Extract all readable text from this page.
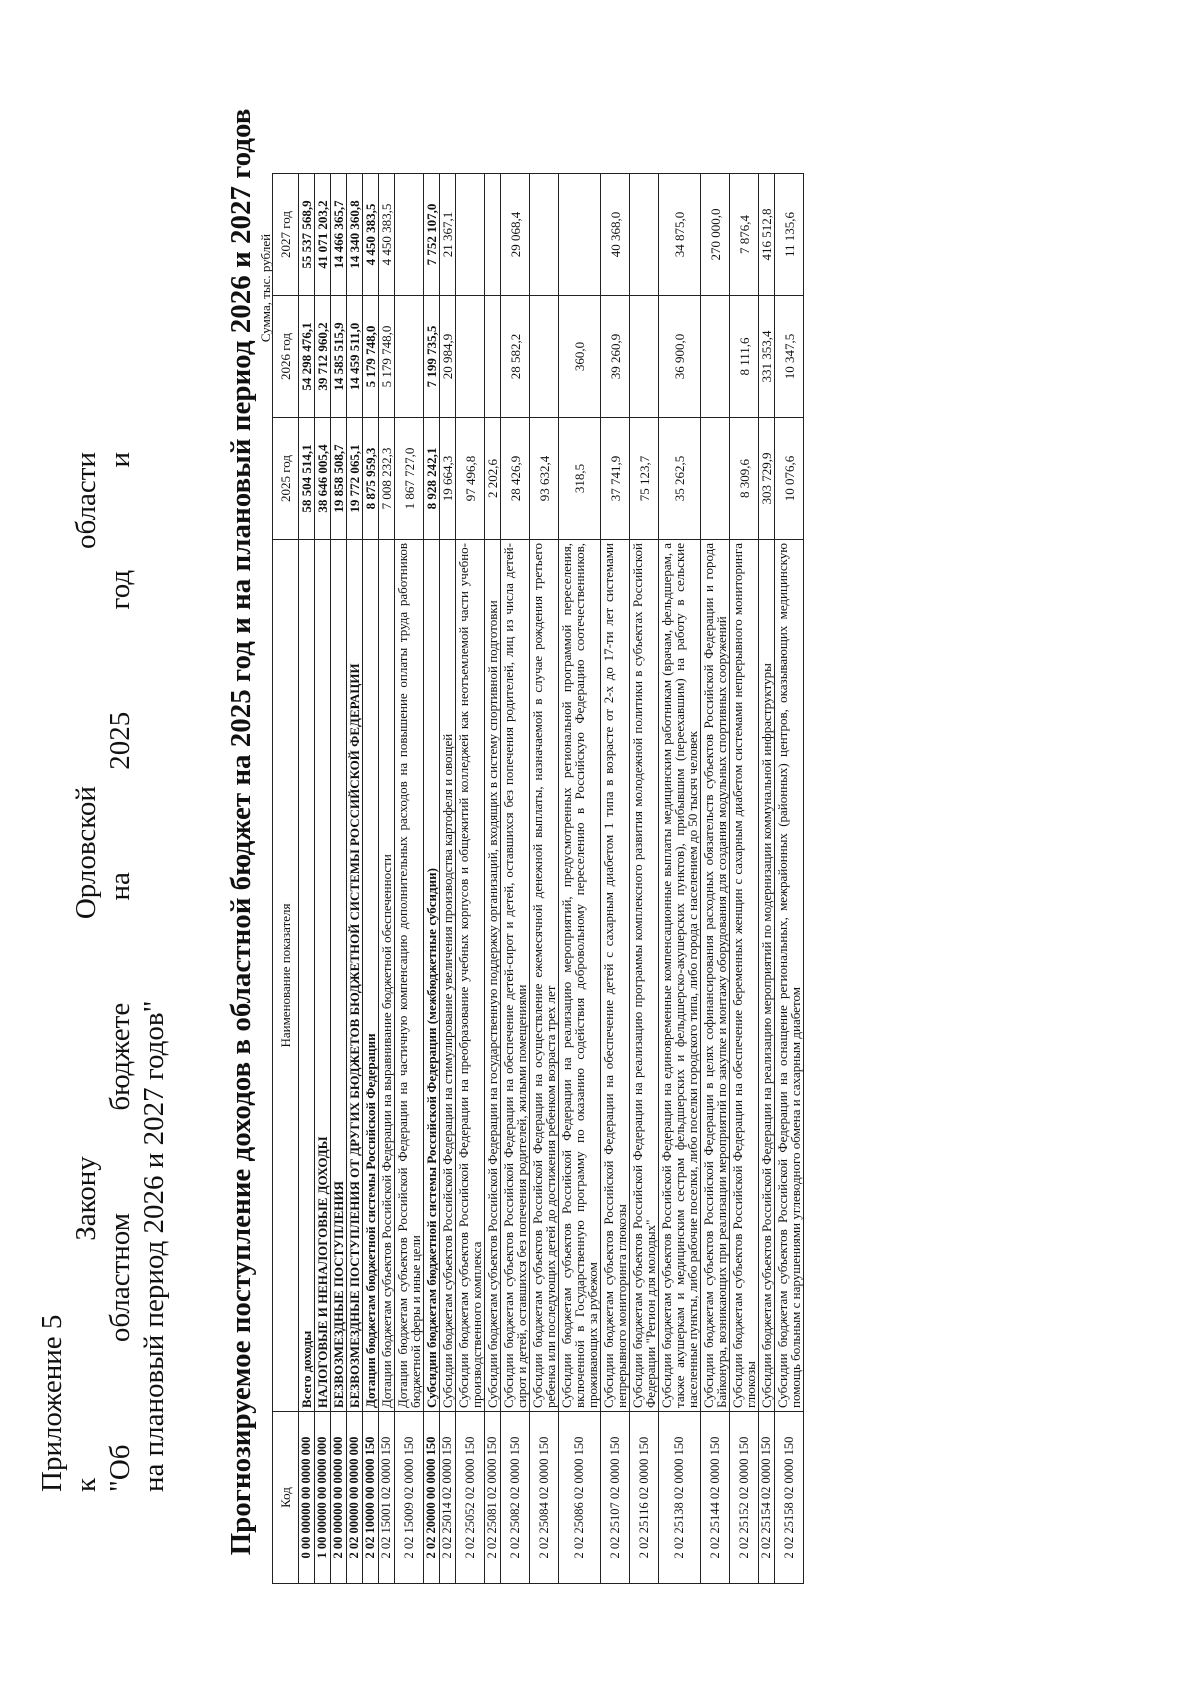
Приложение 5 к
Закону
Орловской
области
"Об
областном
бюджете
на
2025
год
и
на плановый период 2026 и 2027 годов" Прогнозируемое поступление доходов в областной бюджет на 2025 год и на плановый период 2026 и 2027 годов Сумма, тыс. рублей
Код	Наименование показателя	2025 год	2026 год	2027 год
0 00 00000 00 0000 000	Всего доходы	58 504 514,1	54 298 476,1	55 537 568,9
1 00 00000 00 0000 000	НАЛОГОВЫЕ И НЕНАЛОГОВЫЕ ДОХОДЫ	38 646 005,4	39 712 960,2	41 071 203,2
2 00 00000 00 0000 000	БЕЗВОЗМЕЗДНЫЕ ПОСТУПЛЕНИЯ	19 858 508,7	14 585 515,9	14 466 365,7
2 02 00000 00 0000 000	БЕЗВОЗМЕЗДНЫЕ ПОСТУПЛЕНИЯ ОТ ДРУГИХ БЮДЖЕТОВ БЮДЖЕТНОЙ СИСТЕМЫ РОССИЙСКОЙ ФЕДЕРАЦИИ	19 772 065,1	14 459 511,0	14 340 360,8
2 02 10000 00 0000 150	Дотации бюджетам бюджетной системы Российской Федерации	8 875 959,3	5 179 748,0	4 450 383,5
2 02 15001 02 0000 150	Дотации бюджетам субъектов Российской Федерации на выравнивание бюджетной обеспеченности	7 008 232,3	5 179 748,0	4 450 383,5
2 02 15009 02 0000 150	Дотации бюджетам субъектов Российской Федерации на частичную компенсацию дополнительных расходов на повышение оплаты труда работников бюджетной сферы и иные цели	1 867 727,0		
2 02 20000 00 0000 150	Субсидии бюджетам бюджетной системы Российской Федерации (межбюджетные субсидии)	8 928 242,1	7 199 735,5	7 752 107,0
2 02 25014 02 0000 150	Субсидии бюджетам субъектов Российской Федерации на стимулирование увеличения производства картофеля и овощей	19 664,3	20 984,9	21 367,1
2 02 25052 02 0000 150	Субсидии бюджетам субъектов Российской Федерации на преобразование учебных корпусов и общежитий колледжей как неотъемлемой части учебно-производственного комплекса	97 496,8		
2 02 25081 02 0000 150	Субсидии бюджетам субъектов Российской Федерации на государственную поддержку организаций, входящих в систему спортивной подготовки	2 202,6		
2 02 25082 02 0000 150	Субсидии бюджетам субъектов Российской Федерации на обеспечение детей-сирот и детей, оставшихся без попечения родителей, лиц из числа детей-сирот и детей, оставшихся без попечения родителей, жилыми помещениями	28 426,9	28 582,2	29 068,4
2 02 25084 02 0000 150	Субсидии бюджетам субъектов Российской Федерации на осуществление ежемесячной денежной выплаты, назначаемой в случае рождения третьего ребенка или последующих детей до достижения ребенком возраста трех лет	93 632,4		
2 02 25086 02 0000 150	Субсидии бюджетам субъектов Российской Федерации на реализацию мероприятий, предусмотренных региональной программой переселения, включенной в Государственную программу по оказанию содействия добровольному переселению в Российскую Федерацию соотечественников, проживающих за рубежом	318,5	360,0	
2 02 25107 02 0000 150	Субсидии бюджетам субъектов Российской Федерации на обеспечение детей с сахарным диабетом 1 типа в возрасте от 2-х до 17-ти лет системами непрерывного мониторинга глюкозы	37 741,9	39 260,9	40 368,0
2 02 25116 02 0000 150	Субсидии бюджетам субъектов Российской Федерации на реализацию программы комплексного развития молодежной политики в субъектах Российской Федерации "Регион для молодых"	75 123,7		
2 02 25138 02 0000 150	Субсидии бюджетам субъектов Российской Федерации на единовременные компенсационные выплаты медицинским работникам (врачам, фельдшерам, а также акушеркам и медицинским сестрам фельдшерских и фельдшерско-акушерских пунктов), прибывшим (переехавшим) на работу в сельские населенные пункты, либо рабочие поселки, либо поселки городского типа, либо города с населением до 50 тысяч человек	35 262,5	36 900,0	34 875,0
2 02 25144 02 0000 150	Субсидии бюджетам субъектов Российской Федерации в целях софинансирования расходных обязательств субъектов Российской Федерации и города Байконура, возникающих при реализации мероприятий по закупке и монтажу оборудования для создания модульных спортивных сооружений			270 000,0
2 02 25152 02 0000 150	Субсидии бюджетам субъектов Российской Федерации на обеспечение беременных женщин с сахарным диабетом системами непрерывного мониторинга глюкозы	8 309,6	8 111,6	7 876,4
2 02 25154 02 0000 150	Субсидии бюджетам субъектов Российской Федерации на реализацию мероприятий по модернизации коммунальной инфраструктуры	303 729,9	331 353,4	416 512,8
2 02 25158 02 0000 150	Субсидии бюджетам субъектов Российской Федерации на оснащение региональных, межрайонных (районных) центров, оказывающих медицинскую помощь больным с нарушениями углеводного обмена и сахарным диабетом	10 076,6	10 347,5	11 135,6
